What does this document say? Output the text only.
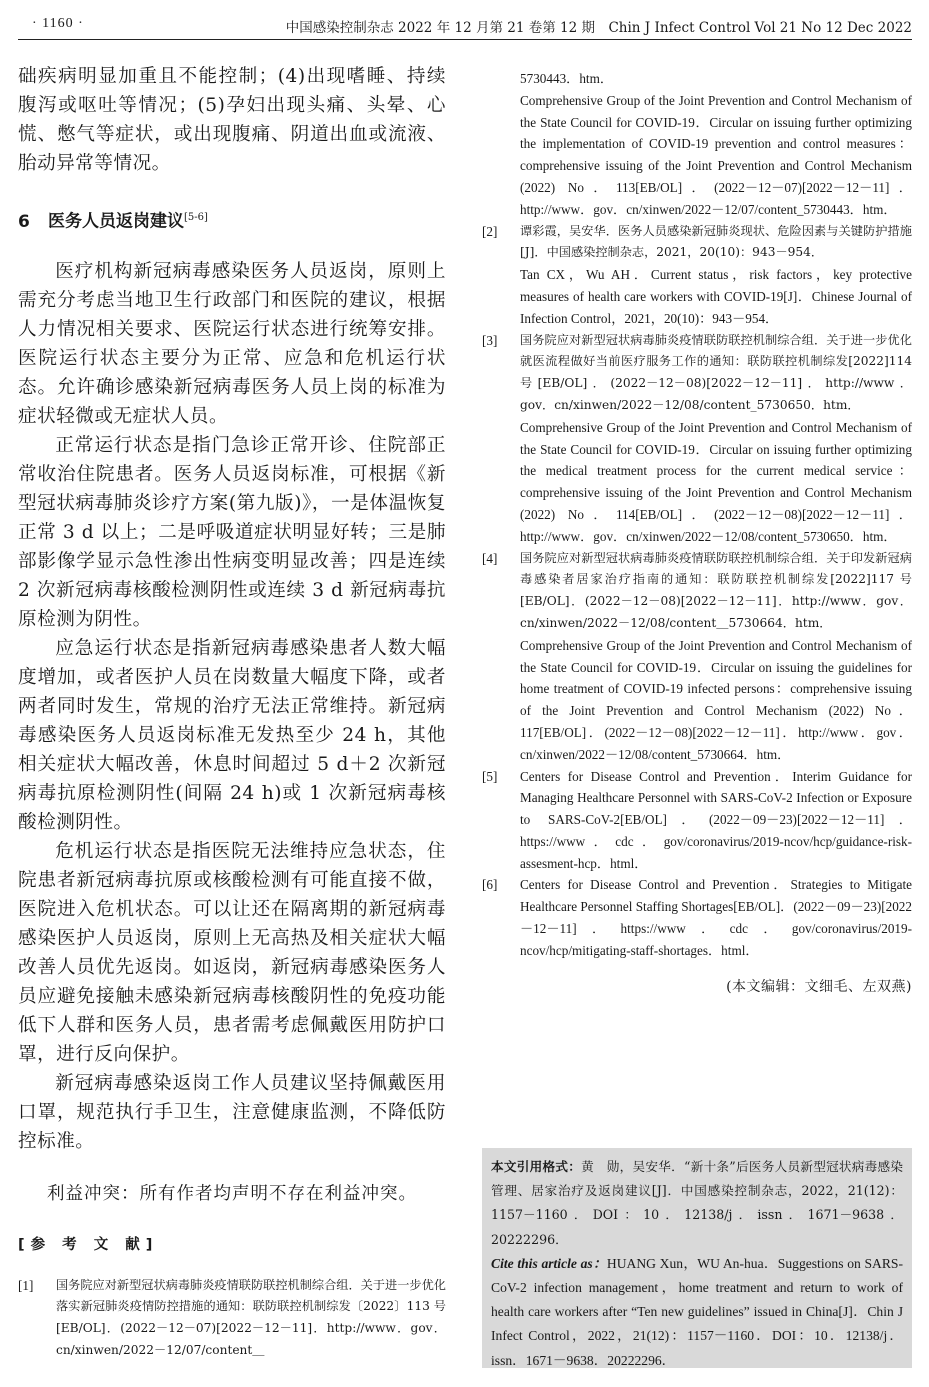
· 1160 ·	中国感染控制杂志 2022 年 12 月第 21 卷第 12 期　Chin J Infect Control Vol 21 No 12 Dec 2022

础疾病明显加重且不能控制；(4)出现嗜睡、持续腹泻或呕吐等情况；(5)孕妇出现头痛、头晕、心慌、憋气等症状，或出现腹痛、阴道出血或流液、胎动异常等情况。

6 医务人员返岗建议[5-6]

医疗机构新冠病毒感染医务人员返岗，原则上需充分考虑当地卫生行政部门和医院的建议，根据人力情况相关要求、医院运行状态进行统筹安排。医院运行状态主要分为正常、应急和危机运行状态。允许确诊感染新冠病毒医务人员上岗的标准为症状轻微或无症状人员。

正常运行状态是指门急诊正常开诊、住院部正常收治住院患者。医务人员返岗标准，可根据《新型冠状病毒肺炎诊疗方案(第九版)》，一是体温恢复正常 3 d 以上；二是呼吸道症状明显好转；三是肺部影像学显示急性渗出性病变明显改善；四是连续 2 次新冠病毒核酸检测阴性或连续 3 d 新冠病毒抗原检测为阴性。

应急运行状态是指新冠病毒感染患者人数大幅度增加，或者医护人员在岗数量大幅度下降，或者两者同时发生，常规的治疗无法正常维持。新冠病毒感染医务人员返岗标准无发热至少 24 h，其他相关症状大幅改善，休息时间超过 5 d＋2 次新冠病毒抗原检测阴性(间隔 24 h)或 1 次新冠病毒核酸检测阴性。

危机运行状态是指医院无法维持应急状态，住院患者新冠病毒抗原或核酸检测有可能直接不做，医院进入危机状态。可以让还在隔离期的新冠病毒感染医护人员返岗，原则上无高热及相关症状大幅改善人员优先返岗。如返岗，新冠病毒感染医务人员应避免接触未感染新冠病毒核酸阴性的免疫功能低下人群和医务人员，患者需考虑佩戴医用防护口罩，进行反向保护。

新冠病毒感染返岗工作人员建议坚持佩戴医用口罩，规范执行手卫生，注意健康监测，不降低防控标准。

利益冲突：所有作者均声明不存在利益冲突。

[参 考 文 献]

[1]	国务院应对新型冠状病毒肺炎疫情联防联控机制综合组．关于进一步优化落实新冠肺炎疫情防控措施的通知：联防联控机制综发〔2022〕113 号[EB/OL]．(2022－12－07)[2022－12－11]．http://www．gov．cn/xinwen/2022－12/07/content＿

5730443．htm．

Comprehensive Group of the Joint Prevention and Control Mechanism of the State Council for COVID-19．Circular on issuing further optimizing the implementation of COVID-19 prevention and control measures：comprehensive issuing of the Joint Prevention and Control Mechanism (2022) No．113[EB/OL]．(2022－12－07)[2022－12－11]．http://www．gov．cn/xinwen/2022－12/07/content_5730443．htm．

[2]	谭彩霞，吴安华．医务人员感染新冠肺炎现状、危险因素与关键防护措施[J]．中国感染控制杂志，2021，20(10)：943－954．

Tan CX，Wu AH．Current status，risk factors，key protective measures of health care workers with COVID-19[J]．Chinese Journal of Infection Control，2021，20(10)：943－954．

[3]	国务院应对新型冠状病毒肺炎疫情联防联控机制综合组．关于进一步优化就医流程做好当前医疗服务工作的通知：联防联控机制综发[2022]114 号[EB/OL]．(2022－12－08)[2022－12－11]．http://www．gov．cn/xinwen/2022－12/08/content_5730650．htm．

Comprehensive Group of the Joint Prevention and Control Mechanism of the State Council for COVID-19．Circular on issuing further optimizing the medical treatment process for the current medical service：comprehensive issuing of the Joint Prevention and Control Mechanism (2022) No．114[EB/OL]．(2022－12－08)[2022－12－11]．http://www．gov．cn/xinwen/2022－12/08/content_5730650．htm．

[4]	国务院应对新型冠状病毒肺炎疫情联防联控机制综合组．关于印发新冠病毒感染者居家治疗指南的通知：联防联控机制综发[2022]117 号[EB/OL]．(2022－12－08)[2022－12－11]．http://www．gov．cn/xinwen/2022－12/08/content＿5730664．htm．

Comprehensive Group of the Joint Prevention and Control Mechanism of the State Council for COVID-19．Circular on issuing the guidelines for home treatment of COVID-19 infected persons：comprehensive issuing of the Joint Prevention and Control Mechanism (2022) No．117[EB/OL]．(2022－12－08)[2022－12－11]．http://www．gov．cn/xinwen/2022－12/08/content_5730664．htm．

[5]	Centers for Disease Control and Prevention．Interim Guidance for Managing Healthcare Personnel with SARS-CoV-2 Infection or Exposure to SARS-CoV-2[EB/OL]．(2022－09－23)[2022－12－11]．https://www．cdc．gov/coronavirus/2019-ncov/hcp/guidance-risk-assesment-hcp．html．

[6]	Centers for Disease Control and Prevention．Strategies to Mitigate Healthcare Personnel Staffing Shortages[EB/OL]．(2022－09－23)[2022－12－11]．https://www．cdc．gov/coronavirus/2019-ncov/hcp/mitigating-staff-shortages．html．

(本文编辑：文细毛、左双燕)

本文引用格式：黄　勋，吴安华．“新十条”后医务人员新型冠状病毒感染管理、居家治疗及返岗建议[J]．中国感染控制杂志，2022，21(12)：1157－1160．DOI：10．12138/j．issn．1671－9638．20222296．

Cite this article as：HUANG Xun，WU An-hua．Suggestions on SARS-CoV-2 infection management，home treatment and return to work of health care workers after “Ten new guidelines” issued in China[J]．Chin J Infect Control，2022，21(12)：1157－1160．DOI：10．12138/j．issn．1671－9638．20222296．
